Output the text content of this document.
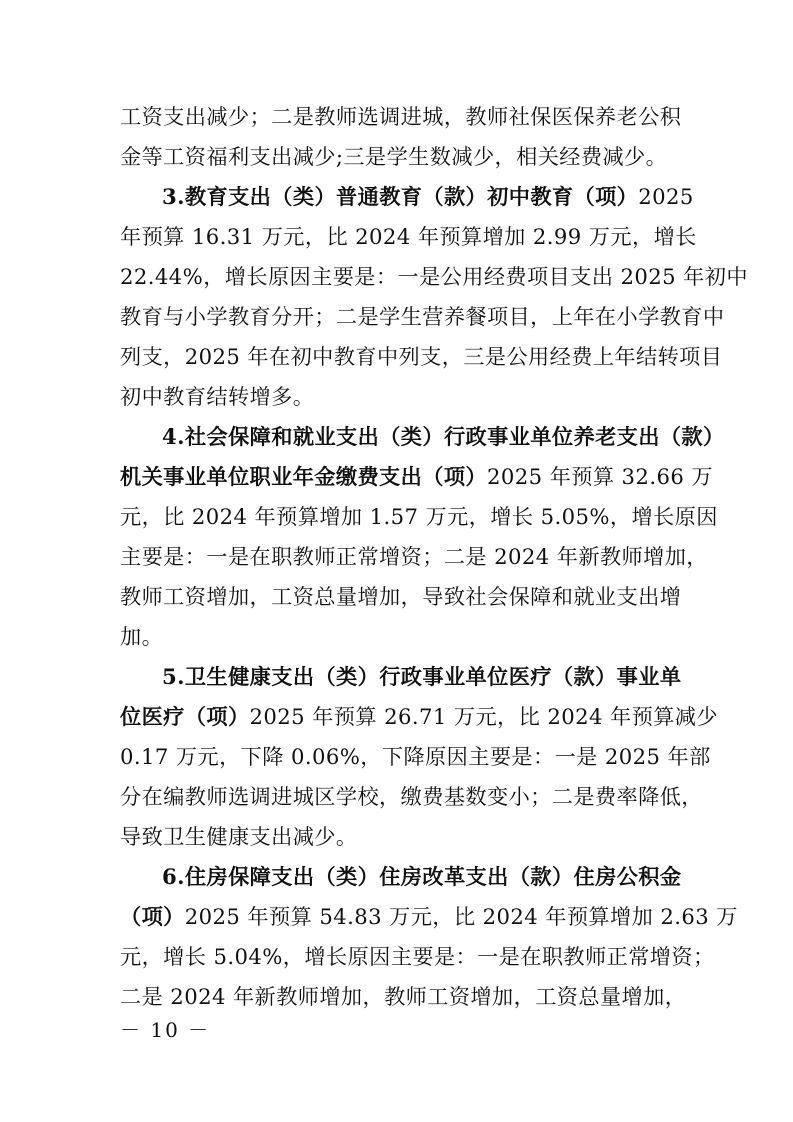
工资支出减少；二是教师选调进城，教师社保医保养老公积
金等工资福利支出减少;三是学生数减少，相关经费减少。
3.教育支出（类）普通教育（款）初中教育（项）2025
年预算 16.31 万元，比 2024 年预算增加 2.99 万元，增长
22.44%，增长原因主要是：一是公用经费项目支出 2025 年初中
教育与小学教育分开；二是学生营养餐项目，上年在小学教育中
列支，2025 年在初中教育中列支，三是公用经费上年结转项目
初中教育结转增多。
4.社会保障和就业支出（类）行政事业单位养老支出（款）
机关事业单位职业年金缴费支出（项）2025 年预算 32.66 万
元，比 2024 年预算增加 1.57 万元，增长 5.05%，增长原因
主要是：一是在职教师正常增资；二是 2024 年新教师增加，
教师工资增加，工资总量增加，导致社会保障和就业支出增
加。
5.卫生健康支出（类）行政事业单位医疗（款）事业单
位医疗（项）2025 年预算 26.71 万元，比 2024 年预算减少
0.17 万元，下降 0.06%，下降原因主要是：一是 2025 年部
分在编教师选调进城区学校，缴费基数变小；二是费率降低，
导致卫生健康支出减少。
6.住房保障支出（类）住房改革支出（款）住房公积金
（项）2025 年预算 54.83 万元，比 2024 年预算增加 2.63 万
元，增长 5.04%，增长原因主要是：一是在职教师正常增资；
二是 2024 年新教师增加，教师工资增加，工资总量增加，
－ 10 －
